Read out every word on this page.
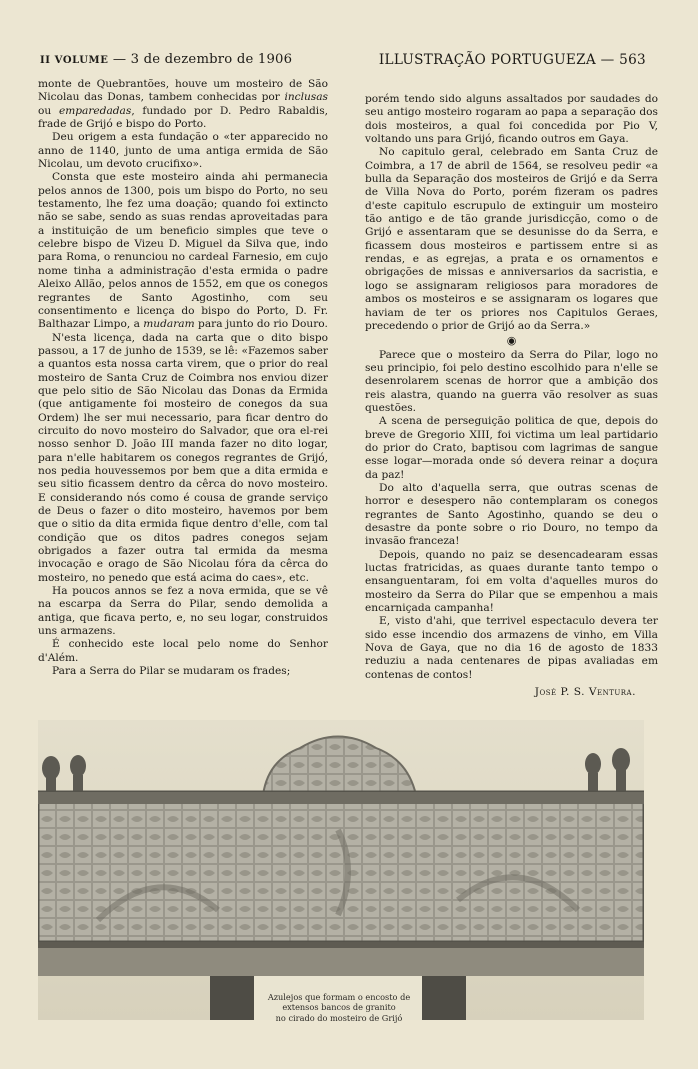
II VOLUME — 3 de dezembro de 1906	ILLUSTRAÇÃO PORTUGUEZA — 563

monte de Quebrantões, houve um mosteiro de São Nicolau das Donas, tambem conhecidas por inclusas ou emparedadas, fundado por D. Pedro Rabaldis, frade de Grijó e bispo do Porto.

Deu origem a esta fundação o «ter apparecido no anno de 1140, junto de uma antiga ermida de São Nicolau, um devoto crucifixo».

Consta que este mosteiro ainda ahi permanecia pelos annos de 1300, pois um bispo do Porto, no seu testamento, lhe fez uma doação; quando foi extincto não se sabe, sendo as suas rendas aproveitadas para a instituição de um beneficio simples que teve o celebre bispo de Vizeu D. Miguel da Silva que, indo para Roma, o renunciou no cardeal Farnesio, em cujo nome tinha a administração d'esta ermida o padre Aleixo Allão, pelos annos de 1552, em que os conegos regrantes de Santo Agostinho, com seu consentimento e licença do bispo do Porto, D. Fr. Balthazar Limpo, a mudaram para junto do rio Douro.

N'esta licença, dada na carta que o dito bispo passou, a 17 de junho de 1539, se lê: «Fazemos saber a quantos esta nossa carta virem, que o prior do real mosteiro de Santa Cruz de Coimbra nos enviou dizer que pelo sitio de São Nicolau das Donas da Ermida (que antigamente foi mosteiro de conegos da sua Ordem) lhe ser mui necessario, para ficar dentro do circuito do novo mosteiro do Salvador, que ora el-rei nosso senhor D. João III manda fazer no dito logar, para n'elle habitarem os conegos regrantes de Grijó, nos pedia houvessemos por bem que a dita ermida e seu sitio ficassem dentro da cêrca do novo mosteiro. E considerando nós como é cousa de grande serviço de Deus o fazer o dito mosteiro, havemos por bem que o sitio da dita ermida fique dentro d'elle, com tal condição que os ditos padres conegos sejam obrigados a fazer outra tal ermida da mesma invocação e orago de São Nicolau fóra da cêrca do mosteiro, no penedo que está acima do caes», etc.

Ha poucos annos se fez a nova ermida, que se vê na escarpa da Serra do Pilar, sendo demolida a antiga, que ficava perto, e, no seu logar, construidos uns armazens.

É conhecido este local pelo nome do Senhor d'Além.

Para a Serra do Pilar se mudaram os frades;

porém tendo sido alguns assaltados por saudades do seu antigo mosteiro rogaram ao papa a separação dos dois mosteiros, a qual foi concedida por Pio V, voltando uns para Grijó, ficando outros em Gaya.

No capitulo geral, celebrado em Santa Cruz de Coimbra, a 17 de abril de 1564, se resolveu pedir «a bulla da Separação dos mosteiros de Grijó e da Serra de Villa Nova do Porto, porém fizeram os padres d'este capitulo escrupulo de extinguir um mosteiro tão antigo e de tão grande jurisdicção, como o de Grijó e assentaram que se desunisse do da Serra, e ficassem dous mosteiros e partissem entre si as rendas, e as egrejas, a prata e os ornamentos e obrigações de missas e anniversarios da sacristia, e logo se assignaram religiosos para moradores de ambos os mosteiros e se assignaram os logares que haviam de ter os priores nos Capitulos Geraes, precedendo o prior de Grijó ao da Serra.»

◉

Parece que o mosteiro da Serra do Pilar, logo no seu principio, foi pelo destino escolhido para n'elle se desenrolarem scenas de horror que a ambição dos reis alastra, quando na guerra vão resolver as suas questões.

A scena de perseguição politica de que, depois do breve de Gregorio XIII, foi victima um leal partidario do prior do Crato, baptisou com lagrimas de sangue esse logar—morada onde só devera reinar a doçura da paz!

Do alto d'aquella serra, que outras scenas de horror e desespero não contemplaram os conegos regrantes de Santo Agostinho, quando se deu o desastre da ponte sobre o rio Douro, no tempo da invasão franceza!

Depois, quando no paiz se desencadearam essas luctas fratricidas, as quaes durante tanto tempo o ensanguentaram, foi em volta d'aquelles muros do mosteiro da Serra do Pilar que se empenhou a mais encarniçada campanha!

E, visto d'ahi, que terrivel espectaculo devera ter sido esse incendio dos armazens de vinho, em Villa Nova de Gaya, que no dia 16 de agosto de 1833 reduziu a nada centenares de pipas avaliadas em contenas de contos!

José P. S. Ventura.

Azulejos que formam o encosto de
extensos bancos de granito
no cirado do mosteiro de Grijó
